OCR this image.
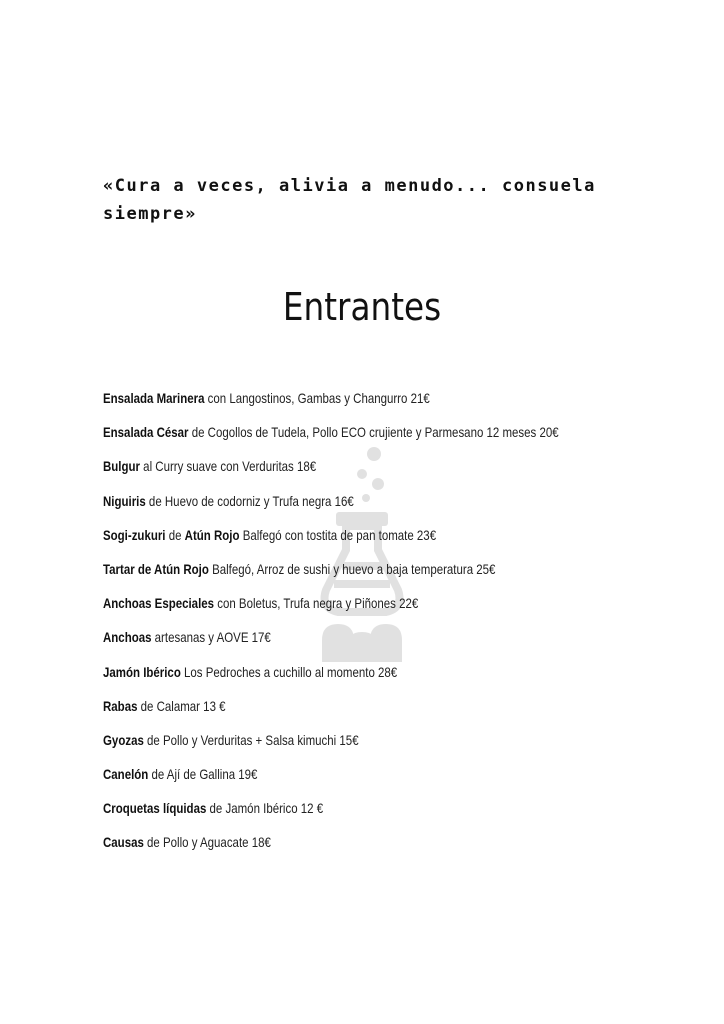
«Cura a veces, alivia a menudo... consuela siempre»
Entrantes
Ensalada Marinera con Langostinos, Gambas y Changurro 21€
Ensalada César de Cogollos de Tudela, Pollo ECO crujiente y Parmesano 12 meses 20€
Bulgur al Curry suave con Verduritas 18€
Niguiris de Huevo de codorniz y Trufa negra 16€
Sogi-zukuri de Atún Rojo Balfegó con tostita de pan tomate 23€
Tartar de Atún Rojo Balfegó, Arroz de sushi y huevo a baja temperatura 25€
Anchoas Especiales con Boletus, Trufa negra y Piñones 22€
Anchoas artesanas y AOVE 17€
Jamón Ibérico Los Pedroches a cuchillo al momento 28€
Rabas de Calamar 13 €
Gyozas de Pollo y Verduritas + Salsa kimuchi 15€
Canelón de Ají de Gallina 19€
Croquetas líquidas de Jamón Ibérico 12 €
Causas de Pollo y Aguacate 18€
